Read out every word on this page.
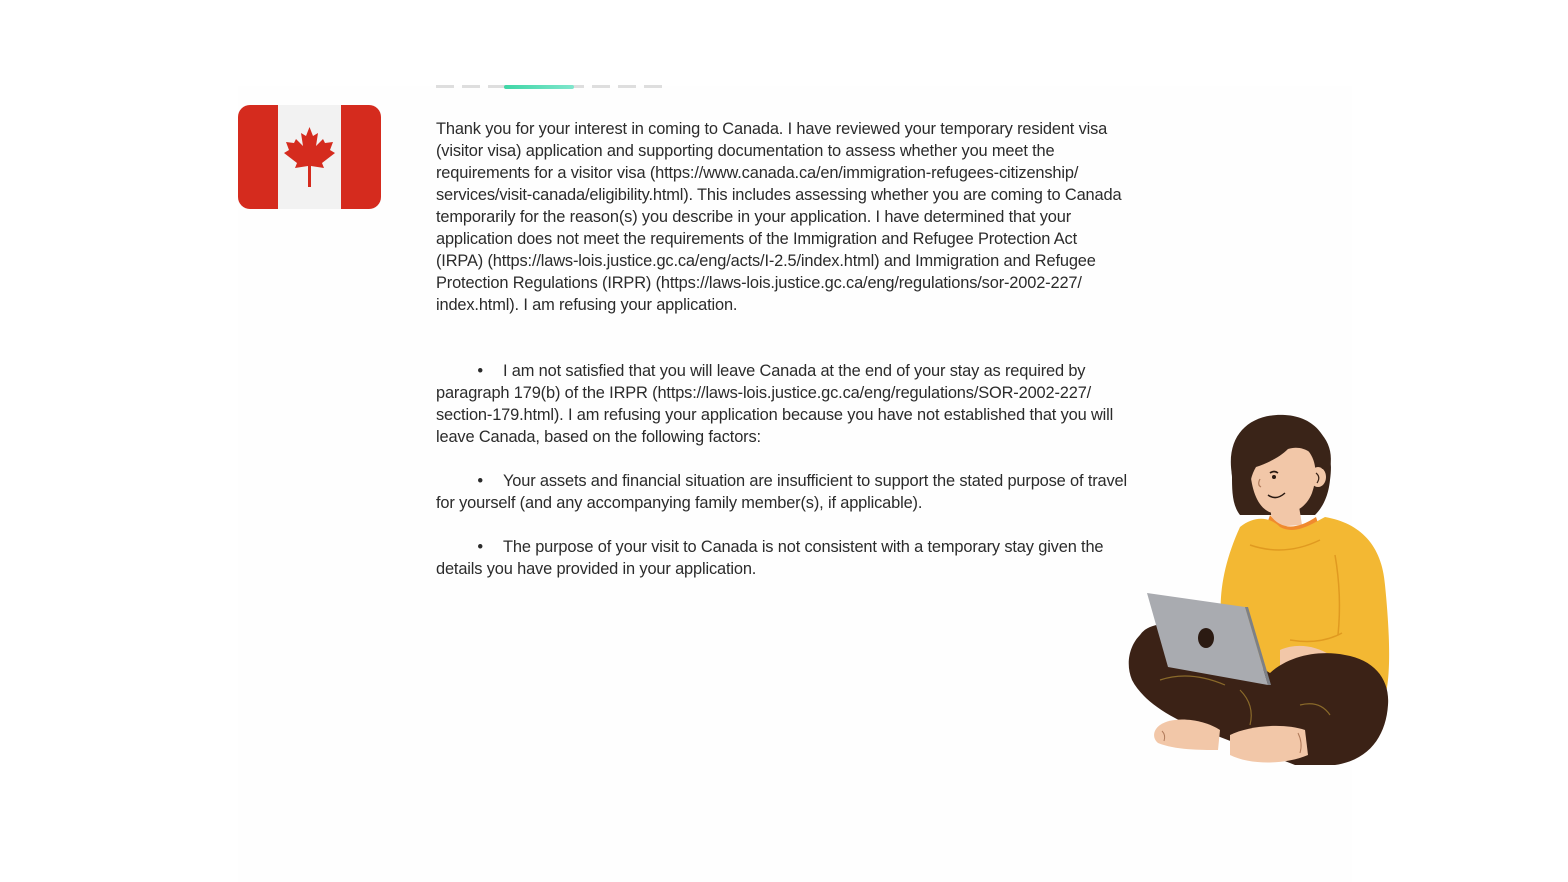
Thank you for your interest in coming to Canada. I have reviewed your temporary resident visa
(visitor visa) application and supporting documentation to assess whether you meet the
requirements for a visitor visa (https://www.canada.ca/en/immigration-refugees-citizenship/
services/visit-canada/eligibility.html). This includes assessing whether you are coming to Canada
temporarily for the reason(s) you describe in your application. I have determined that your
application does not meet the requirements of the Immigration and Refugee Protection Act
(IRPA) (https://laws-lois.justice.gc.ca/eng/acts/I-2.5/index.html) and Immigration and Refugee
Protection Regulations (IRPR) (https://laws-lois.justice.gc.ca/eng/regulations/sor-2002-227/
index.html). I am refusing your application.

• I am not satisfied that you will leave Canada at the end of your stay as required by
paragraph 179(b) of the IRPR (https://laws-lois.justice.gc.ca/eng/regulations/SOR-2002-227/
section-179.html). I am refusing your application because you have not established that you will
leave Canada, based on the following factors:
• Your assets and financial situation are insufficient to support the stated purpose of travel
for yourself (and any accompanying family member(s), if applicable).
• The purpose of your visit to Canada is not consistent with a temporary stay given the
details you have provided in your application.
